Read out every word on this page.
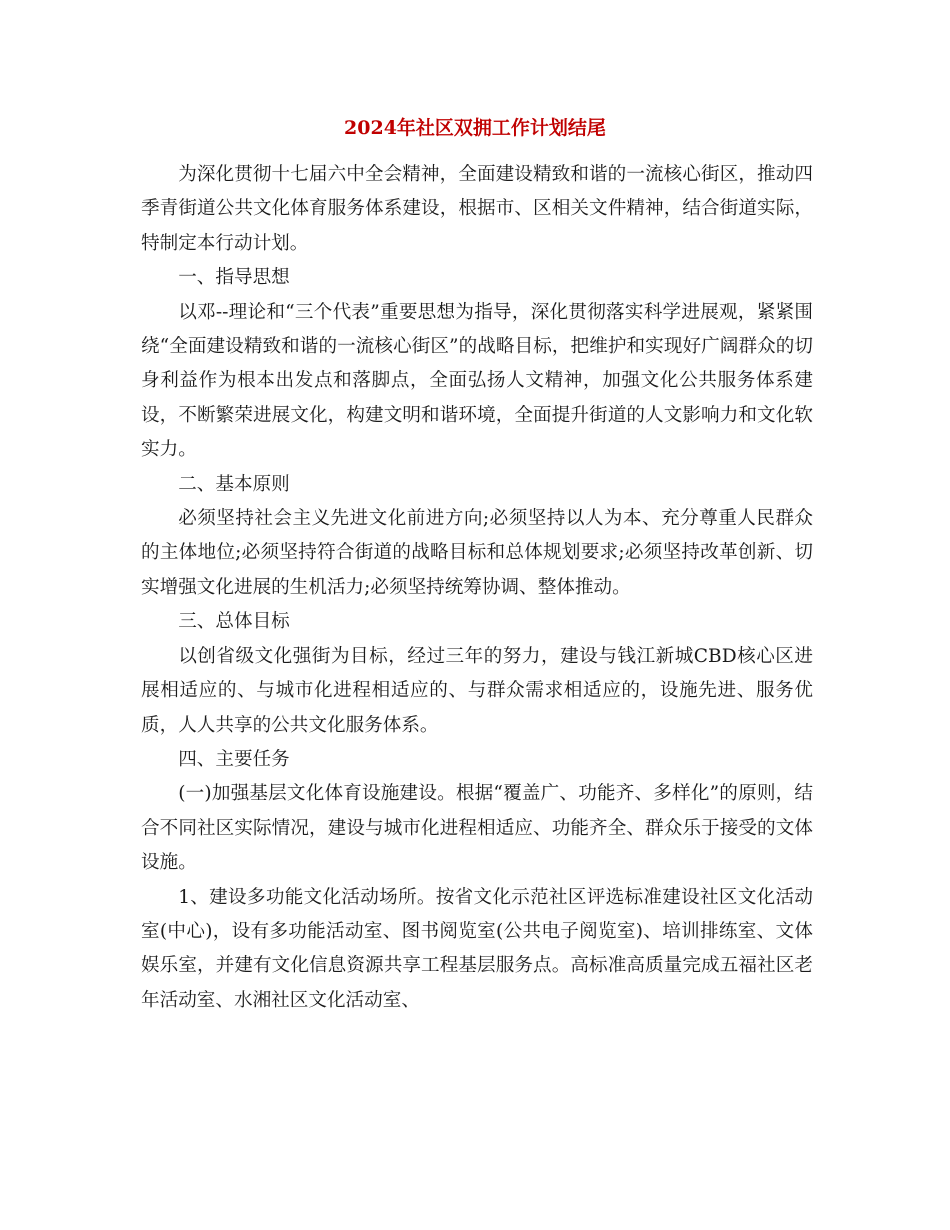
2024年社区双拥工作计划结尾

为深化贯彻十七届六中全会精神，全面建设精致和谐的一流核心街区，推动四季青街道公共文化体育服务体系建设，根据市、区相关文件精神，结合街道实际，特制定本行动计划。

一、指导思想

以邓--理论和“三个代表”重要思想为指导，深化贯彻落实科学进展观，紧紧围绕“全面建设精致和谐的一流核心街区”的战略目标，把维护和实现好广阔群众的切身利益作为根本出发点和落脚点，全面弘扬人文精神，加强文化公共服务体系建设，不断繁荣进展文化，构建文明和谐环境，全面提升街道的人文影响力和文化软实力。

二、基本原则

必须坚持社会主义先进文化前进方向;必须坚持以人为本、充分尊重人民群众的主体地位;必须坚持符合街道的战略目标和总体规划要求;必须坚持改革创新、切实增强文化进展的生机活力;必须坚持统筹协调、整体推动。

三、总体目标

以创省级文化强街为目标，经过三年的努力，建设与钱江新城CBD核心区进展相适应的、与城市化进程相适应的、与群众需求相适应的，设施先进、服务优质，人人共享的公共文化服务体系。

四、主要任务

(一)加强基层文化体育设施建设。根据“覆盖广、功能齐、多样化”的原则，结合不同社区实际情况，建设与城市化进程相适应、功能齐全、群众乐于接受的文体设施。

1、建设多功能文化活动场所。按省文化示范社区评选标准建设社区文化活动室(中心)，设有多功能活动室、图书阅览室(公共电子阅览室)、培训排练室、文体娱乐室，并建有文化信息资源共享工程基层服务点。高标准高质量完成五福社区老年活动室、水湘社区文化活动室、
